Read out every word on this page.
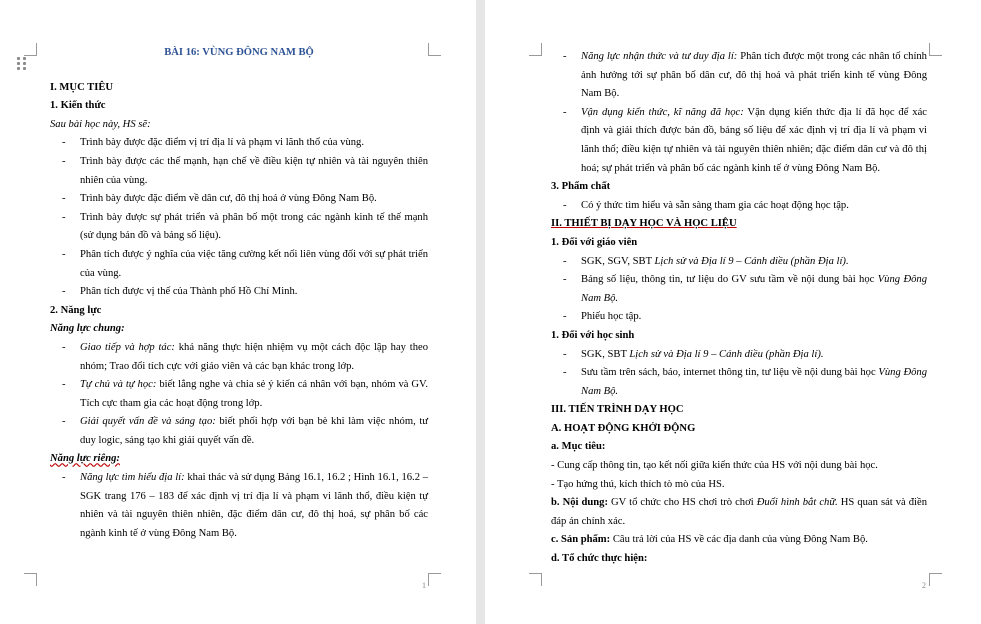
1

BÀI 16: VÙNG ĐÔNG NAM BỘ

I. MỤC TIÊU

1. Kiến thức

Sau bài học này, HS sẽ:

- Trình bày được đặc điểm vị trí địa lí và phạm vi lãnh thổ của vùng.
- Trình bày được các thế mạnh, hạn chế về điều kiện tự nhiên và tài nguyên thiên nhiên của vùng.
- Trình bày được đặc điểm về dân cư, đô thị hoá ở vùng Đông Nam Bộ.
- Trình bày được sự phát triển và phân bố một trong các ngành kinh tế thế mạnh (sử dụng bản đồ và bảng số liệu).
- Phân tích được ý nghĩa của việc tăng cường kết nối liên vùng đối với sự phát triển của vùng.
- Phân tích được vị thế của Thành phố Hồ Chí Minh.

2. Năng lực

Năng lực chung:

- Giao tiếp và hợp tác: khả năng thực hiện nhiệm vụ một cách độc lập hay theo nhóm; Trao đổi tích cực với giáo viên và các bạn khác trong lớp.
- Tự chủ và tự học: biết lắng nghe và chia sẻ ý kiến cá nhân với bạn, nhóm và GV. Tích cực tham gia các hoạt động trong lớp.
- Giải quyết vấn đề và sáng tạo: biết phối hợp với bạn bè khi làm việc nhóm, tư duy logic, sáng tạo khi giải quyết vấn đề.

Năng lực riêng:

- Năng lực tìm hiểu địa lí: khai thác và sử dụng Bảng 16.1, 16.2 ; Hình 16.1, 16.2 – SGK trang 176 – 183 để xác định vị trí địa lí và phạm vi lãnh thổ, điều kiện tự nhiên và tài nguyên thiên nhiên, đặc điểm dân cư, đô thị hoá, sự phân bố các ngành kinh tế ở vùng Đông Nam Bộ.
2
- Năng lực nhận thức và tư duy địa lí: Phân tích được một trong các nhân tố chính ảnh hưởng tới sự phân bố dân cư, đô thị hoá và phát triển kinh tế vùng Đông Nam Bộ.
- Vận dụng kiến thức, kĩ năng đã học: Vận dụng kiến thức địa lí đã học để xác định và giải thích được bản đồ, bảng số liệu để xác định vị trí địa lí và phạm vi lãnh thổ; điều kiện tự nhiên và tài nguyên thiên nhiên; đặc điểm dân cư và đô thị hoá; sự phát triển và phân bố các ngành kinh tế ở vùng Đông Nam Bộ.

3. Phẩm chất

- Có ý thức tìm hiểu và sẵn sàng tham gia các hoạt động học tập.

II. THIẾT BỊ DẠY HỌC VÀ HỌC LIỆU

1. Đối với giáo viên

- SGK, SGV, SBT Lịch sử và Địa lí 9 – Cánh diều (phần Địa lí).
- Bảng số liệu, thông tin, tư liệu do GV sưu tầm về nội dung bài học Vùng Đông Nam Bộ.
- Phiếu học tập.

1. Đối với học sinh

- SGK, SBT Lịch sử và Địa lí 9 – Cánh diều (phần Địa lí).
- Sưu tầm trên sách, báo, internet thông tin, tư liệu về nội dung bài học Vùng Đông Nam Bộ.

III. TIẾN TRÌNH DẠY HỌC

A. HOẠT ĐỘNG KHỞI ĐỘNG

a. Mục tiêu:

- Cung cấp thông tin, tạo kết nối giữa kiến thức của HS với nội dung bài học.

- Tạo hứng thú, kích thích tò mò của HS.

b. Nội dung: GV tổ chức cho HS chơi trò chơi Đuổi hình bắt chữ. HS quan sát và điền đáp án chính xác.

c. Sản phẩm: Câu trả lời của HS về các địa danh của vùng Đông Nam Bộ.

d. Tổ chức thực hiện:
